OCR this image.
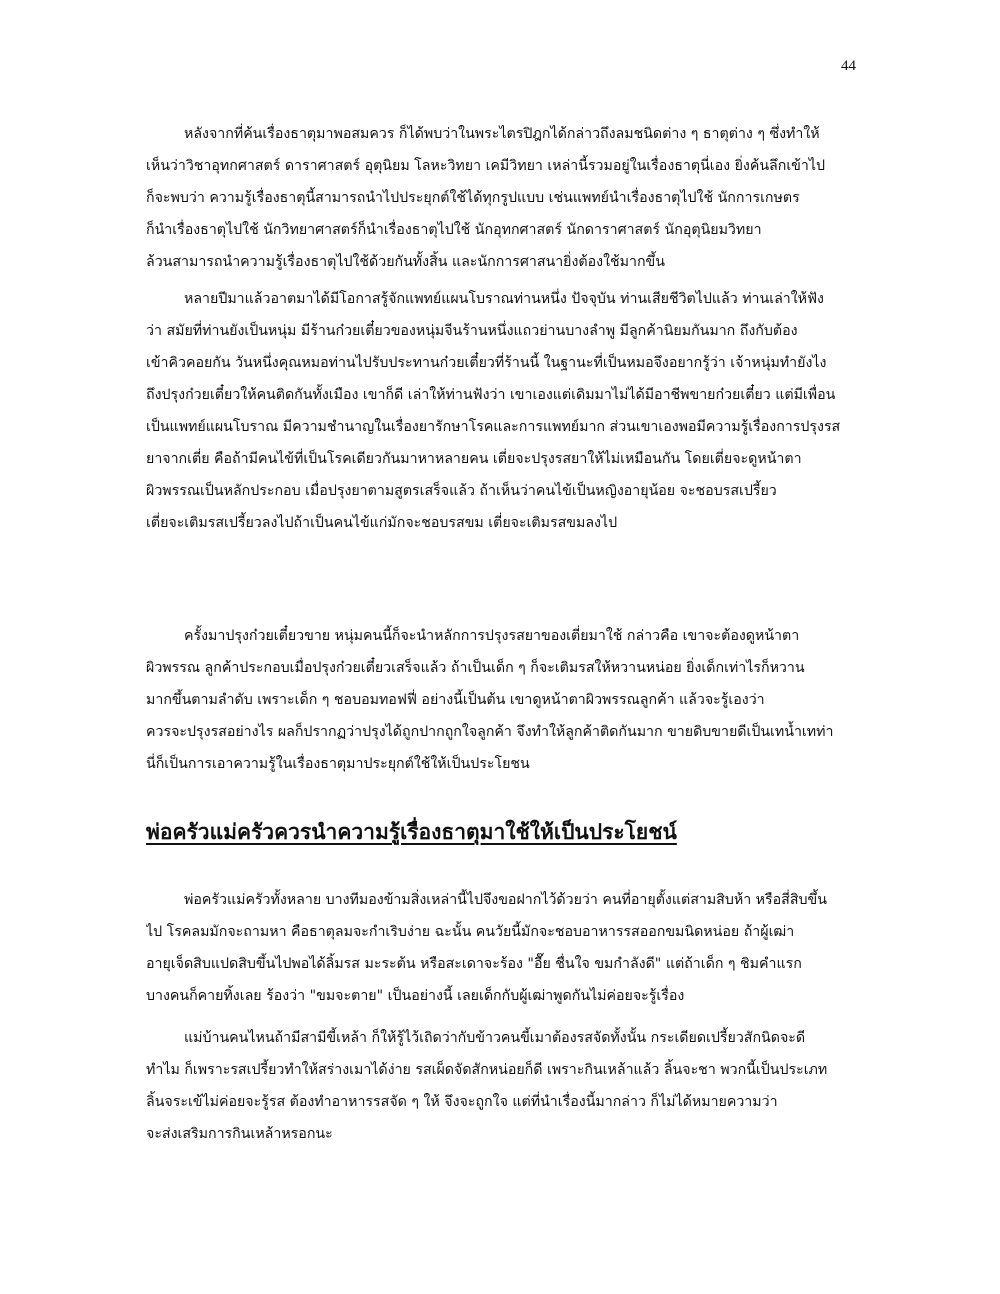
44
หลังจากที่ค้นเรื่องธาตุมาพอสมควร ก็ได้พบว่าในพระไตรปิฎกได้กล่าวถึงลมชนิดต่าง ๆ ธาตุต่าง ๆ ซึ่งทำให้
เห็นว่าวิชาอุทกศาสตร์ ดาราศาสตร์ อุตุนิยม โลหะวิทยา เคมีวิทยา เหล่านี้รวมอยู่ในเรื่องธาตุนี่เอง ยิ่งค้นลึกเข้าไป
ก็จะพบว่า ความรู้เรื่องธาตุนี้สามารถนำไปประยุกต์ใช้ได้ทุกรูปแบบ เช่นแพทย์นำเรื่องธาตุไปใช้ นักการเกษตร
ก็นำเรื่องธาตุไปใช้ นักวิทยาศาสตร์ก็นำเรื่องธาตุไปใช้ นักอุทกศาสตร์ นักดาราศาสตร์ นักอุตุนิยมวิทยา
ล้วนสามารถนำความรู้เรื่องธาตุไปใช้ด้วยกันทั้งสิ้น และนักการศาสนายิ่งต้องใช้มากขึ้น
หลายปีมาแล้วอาตมาได้มีโอกาสรู้จักแพทย์แผนโบราณท่านหนึ่ง ปัจจุบัน ท่านเสียชีวิตไปแล้ว ท่านเล่าให้ฟัง
ว่า สมัยที่ท่านยังเป็นหนุ่ม มีร้านก๋วยเตี๋ยวของหนุ่มจีนร้านหนึ่งแถวย่านบางลำพู มีลูกค้านิยมกันมาก ถึงกับต้อง
เข้าคิวคอยกัน วันหนึ่งคุณหมอท่านไปรับประทานก๋วยเตี๋ยวที่ร้านนี้ ในฐานะที่เป็นหมอจึงอยากรู้ว่า เจ้าหนุ่มทำยังไง
ถึงปรุงก๋วยเตี๋ยวให้คนติดกันทั้งเมือง เขาก็ดี เล่าให้ท่านฟังว่า เขาเองแต่เดิมมาไม่ได้มีอาชีพขายก๋วยเตี๋ยว แต่มีเพื่อน
เป็นแพทย์แผนโบราณ มีความชำนาญในเรื่องยารักษาโรคและการแพทย์มาก ส่วนเขาเองพอมีความรู้เรื่องการปรุงรส
ยาจากเตี่ย คือถ้ามีคนไข้ที่เป็นโรคเดียวกันมาหาหลายคน เตี่ยจะปรุงรสยาให้ไม่เหมือนกัน โดยเตี่ยจะดูหน้าตา
ผิวพรรณเป็นหลักประกอบ เมื่อปรุงยาตามสูตรเสร็จแล้ว ถ้าเห็นว่าคนไข้เป็นหญิงอายุน้อย จะชอบรสเปรี้ยว
เตี่ยจะเติมรสเปรี้ยวลงไปถ้าเป็นคนไข้แก่มักจะชอบรสขม เตี่ยจะเติมรสขมลงไป
ครั้งมาปรุงก๋วยเตี๋ยวขาย หนุ่มคนนี้ก็จะนำหลักการปรุงรสยาของเตี่ยมาใช้ กล่าวคือ เขาจะต้องดูหน้าตา
ผิวพรรณ ลูกค้าประกอบเมื่อปรุงก๋วยเตี๋ยวเสร็จแล้ว ถ้าเป็นเด็ก ๆ ก็จะเติมรสให้หวานหน่อย ยิ่งเด็กเท่าไรก็หวาน
มากขึ้นตามลำดับ เพราะเด็ก ๆ ชอบอมทอฟฟี่ อย่างนี้เป็นต้น เขาดูหน้าตาผิวพรรณลูกค้า แล้วจะรู้เองว่า
ควรจะปรุงรสอย่างไร ผลก็ปรากฏว่าปรุงได้ถูกปากถูกใจลูกค้า จึงทำให้ลูกค้าติดกันมาก ขายดิบขายดีเป็นเทน้ำเทท่า
นี่ก็เป็นการเอาความรู้ในเรื่องธาตุมาประยุกต์ใช้ให้เป็นประโยชน
พ่อครัวแม่ครัวควรนำความรู้เรื่องธาตุมาใช้ให้เป็นประโยชน์
พ่อครัวแม่ครัวทั้งหลาย บางทีมองข้ามสิ่งเหล่านี้ไปจึงขอฝากไว้ด้วยว่า คนที่อายุตั้งแต่สามสิบห้า หรือสี่สิบขึ้น
ไป โรคลมมักจะถามหา คือธาตุลมจะกำเริบง่าย ฉะนั้น คนวัยนี้มักจะชอบอาหารรสออกขมนิดหน่อย ถ้าผู้เฒ่า
อายุเจ็ดสิบแปดสิบขึ้นไปพอได้ลิ้มรส มะระต้น หรือสะเดาจะร้อง "อื๊ย ชื่นใจ ขมกำลังดี" แต่ถ้าเด็ก ๆ ชิมคำแรก
บางคนก็คายทิ้งเลย ร้องว่า "ขมจะตาย" เป็นอย่างนี้ เลยเด็กกับผู้เฒ่าพูดกันไม่ค่อยจะรู้เรื่อง
แม่บ้านคนไหนถ้ามีสามีขี้เหล้า ก็ให้รู้ไว้เถิดว่ากับข้าวคนขี้เมาต้องรสจัดทั้งนั้น กระเดียดเปรี้ยวสักนิดจะดี
ทำไม ก็เพราะรสเปรี้ยวทำให้สร่างเมาได้ง่าย รสเผ็ดจัดสักหน่อยก็ดี เพราะกินเหล้าแล้ว ลิ้นจะชา พวกนี้เป็นประเภท
ลิ้นจระเข้ไม่ค่อยจะรู้รส ต้องทำอาหารรสจัด ๆ ให้ จึงจะถูกใจ แต่ที่นำเรื่องนี้มากล่าว ก็ไม่ได้หมายความว่า
จะส่งเสริมการกินเหล้าหรอกนะ
